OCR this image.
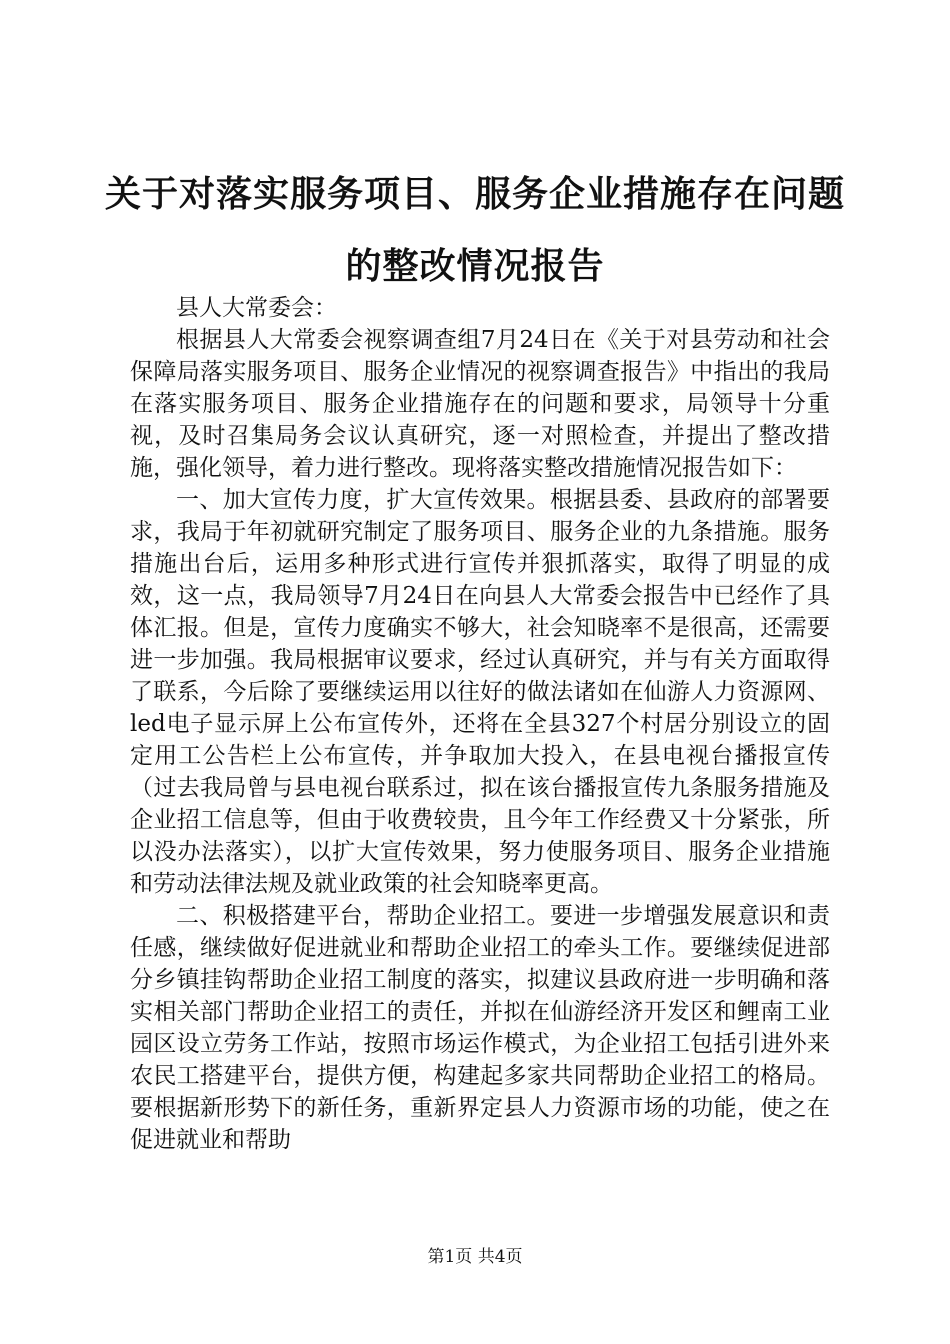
关于对落实服务项目、服务企业措施存在问题
的整改情况报告

县人大常委会：

根据县人大常委会视察调查组7月24日在《关于对县劳动和社会保障局落实服务项目、服务企业情况的视察调查报告》中指出的我局在落实服务项目、服务企业措施存在的问题和要求，局领导十分重视，及时召集局务会议认真研究，逐一对照检查，并提出了整改措施，强化领导，着力进行整改。现将落实整改措施情况报告如下：

一、加大宣传力度，扩大宣传效果。根据县委、县政府的部署要求，我局于年初就研究制定了服务项目、服务企业的九条措施。服务措施出台后，运用多种形式进行宣传并狠抓落实，取得了明显的成效，这一点，我局领导7月24日在向县人大常委会报告中已经作了具体汇报。但是，宣传力度确实不够大，社会知晓率不是很高，还需要进一步加强。我局根据审议要求，经过认真研究，并与有关方面取得了联系，今后除了要继续运用以往好的做法诸如在仙游人力资源网、led电子显示屏上公布宣传外，还将在全县327个村居分别设立的固定用工公告栏上公布宣传，并争取加大投入，在县电视台播报宣传（过去我局曾与县电视台联系过，拟在该台播报宣传九条服务措施及企业招工信息等，但由于收费较贵，且今年工作经费又十分紧张，所以没办法落实），以扩大宣传效果，努力使服务项目、服务企业措施和劳动法律法规及就业政策的社会知晓率更高。

二、积极搭建平台，帮助企业招工。要进一步增强发展意识和责任感，继续做好促进就业和帮助企业招工的牵头工作。要继续促进部分乡镇挂钩帮助企业招工制度的落实，拟建议县政府进一步明确和落实相关部门帮助企业招工的责任，并拟在仙游经济开发区和鲤南工业园区设立劳务工作站，按照市场运作模式，为企业招工包括引进外来农民工搭建平台，提供方便，构建起多家共同帮助企业招工的格局。要根据新形势下的新任务，重新界定县人力资源市场的功能，使之在促进就业和帮助

第1页 共4页
